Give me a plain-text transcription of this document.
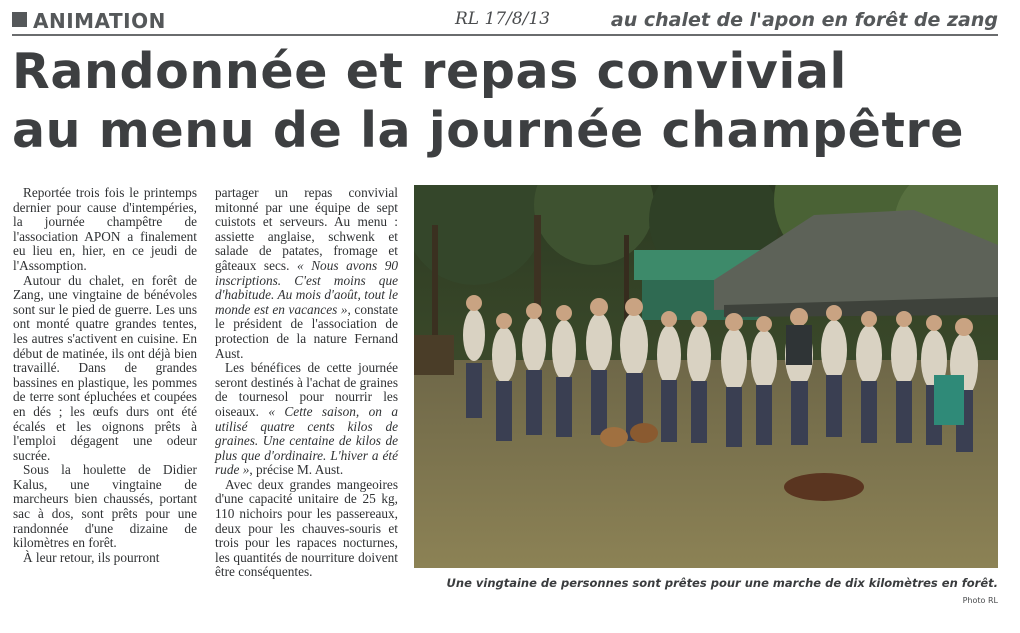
ANIMATION	RL 17/8/13	au chalet de l'apon en forêt de zang
Randonnée et repas convivial
au menu de la journée champêtre

Reportée trois fois le printemps dernier pour cause d'intempéries, la journée champêtre de l'association APON a finalement eu lieu en, hier, en ce jeudi de l'Assomption.

Autour du chalet, en forêt de Zang, une vingtaine de bénévoles sont sur le pied de guerre. Les uns ont monté quatre grandes tentes, les autres s'activent en cuisine. En début de matinée, ils ont déjà bien travaillé. Dans de grandes bassines en plastique, les pommes de terre sont épluchées et coupées en dés ; les œufs durs ont été écalés et les oignons prêts à l'emploi dégagent une odeur sucrée.

Sous la houlette de Didier Kalus, une vingtaine de marcheurs bien chaussés, portant sac à dos, sont prêts pour une randonnée d'une dizaine de kilomètres en forêt.

À leur retour, ils pourront

partager un repas convivial mitonné par une équipe de sept cuistots et serveurs. Au menu : assiette anglaise, schwenk et salade de patates, fromage et gâteaux secs. « Nous avons 90 inscriptions. C'est moins que d'habitude. Au mois d'août, tout le monde est en vacances », constate le président de l'association de protection de la nature Fernand Aust.

Les bénéfices de cette journée seront destinés à l'achat de graines de tournesol pour nourrir les oiseaux. « Cette saison, on a utilisé quatre cents kilos de graines. Une centaine de kilos de plus que d'ordinaire. L'hiver a été rude », précise M. Aust.

Avec deux grandes mangeoires d'une capacité unitaire de 25 kg, 110 nichoirs pour les passereaux, deux pour les chauves-souris et trois pour les rapaces nocturnes, les quantités de nourriture doivent être conséquentes.

Une vingtaine de personnes sont prêtes pour une marche de dix kilomètres en forêt.
Photo RL
